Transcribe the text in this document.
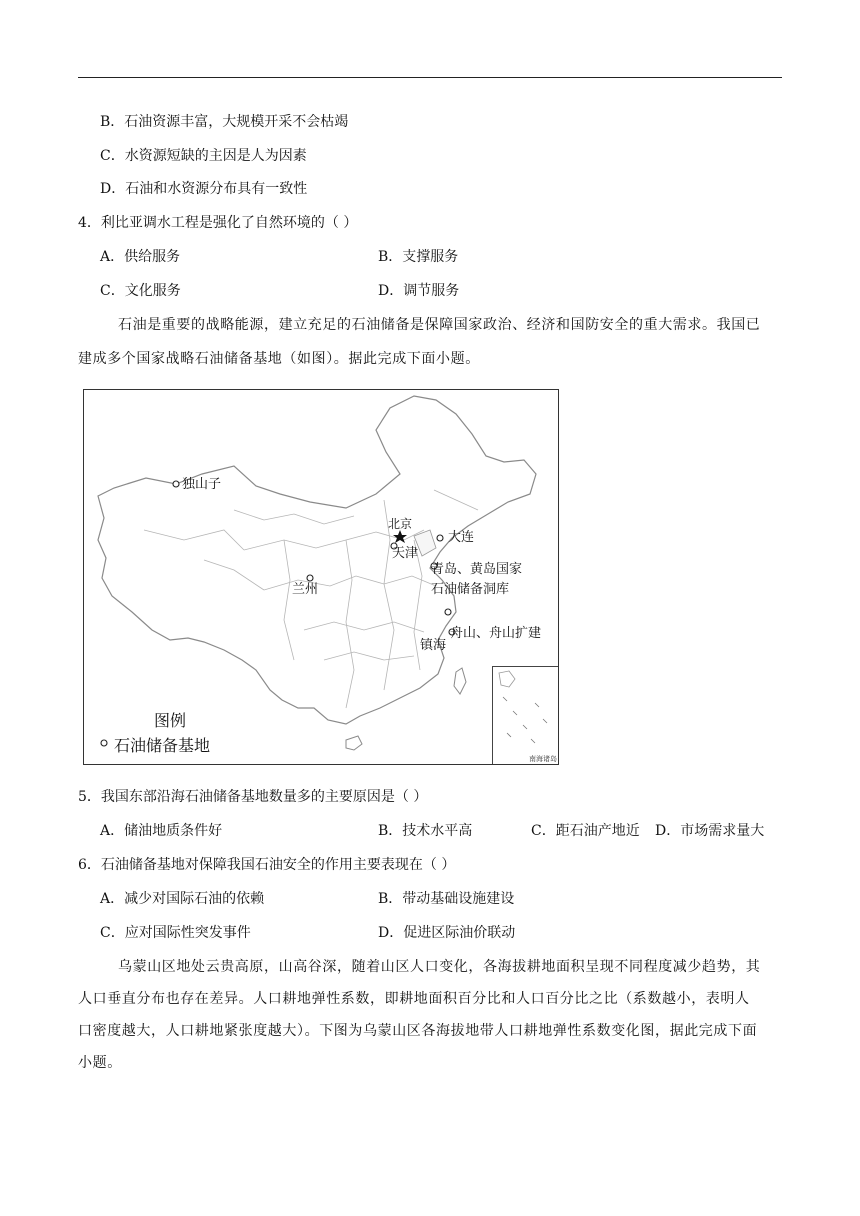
B．石油资源丰富，大规模开采不会枯竭
C．水资源短缺的主因是人为因素
D．石油和水资源分布具有一致性
4．利比亚调水工程是强化了自然环境的（ ）
A．供给服务	B．支撑服务
C．文化服务	D．调节服务
石油是重要的战略能源，建立充足的石油储备是保障国家政治、经济和国防安全的重大需求。我国已
建成多个国家战略石油储备基地（如图）。据此完成下面小题。
独山子
北京
天津
大连
青岛、黄岛国家
石油储备洞库
兰州
舟山、舟山扩建
镇海
图例
石油储备基地
南海诸岛
5．我国东部沿海石油储备基地数量多的主要原因是（ ）
A．储油地质条件好	B．技术水平高	C．距石油产地近 D．市场需求量大
6．石油储备基地对保障我国石油安全的作用主要表现在（ ）
A．减少对国际石油的依赖	B．带动基础设施建设
C．应对国际性突发事件	D．促进区际油价联动
乌蒙山区地处云贵高原，山高谷深，随着山区人口变化，各海拔耕地面积呈现不同程度减少趋势，其
人口垂直分布也存在差异。人口耕地弹性系数，即耕地面积百分比和人口百分比之比（系数越小，表明人
口密度越大，人口耕地紧张度越大）。下图为乌蒙山区各海拔地带人口耕地弹性系数变化图，据此完成下面
小题。
